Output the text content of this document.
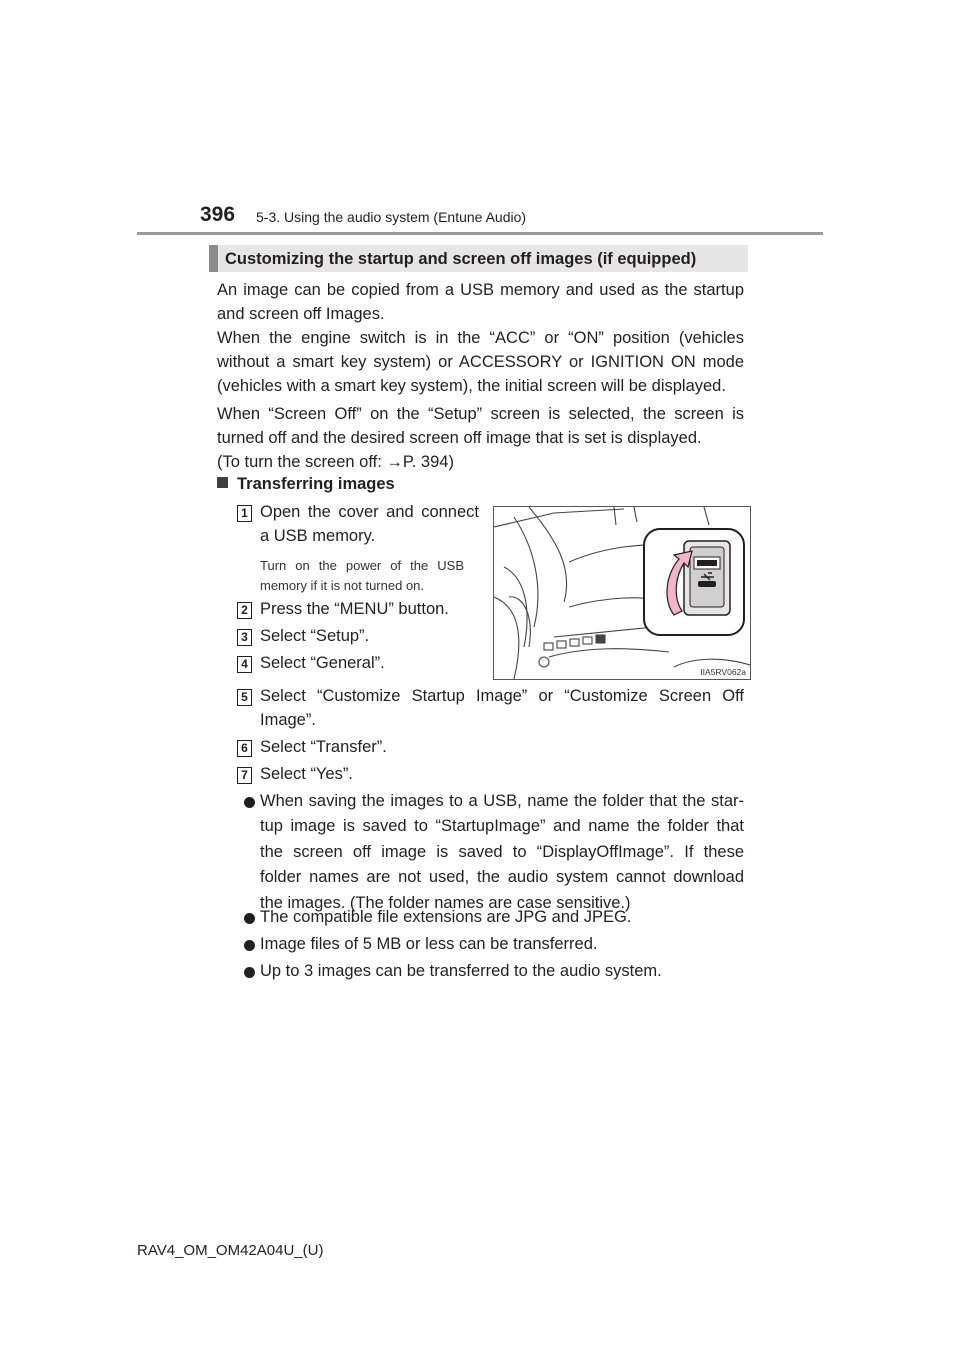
396 5-3. Using the audio system (Entune Audio)
Customizing the startup and screen off images (if equipped)
An image can be copied from a USB memory and used as the startup
and screen off Images.
When the engine switch is in the “ACC” or “ON” position (vehicles
without a smart key system) or ACCESSORY or IGNITION ON mode
(vehicles with a smart key system), the initial screen will be displayed.
When “Screen Off” on the “Setup” screen is selected, the screen is
turned off and the desired screen off image that is set is displayed.
(To turn the screen off: →P. 394)
Transferring images
1 Open the cover and connect
a USB memory.
Turn on the power of the USB
memory if it is not turned on.
2 Press the “MENU” button.
3 Select “Setup”.
4 Select “General”.	IIA5RV062a
5 Select “Customize Startup Image” or “Customize Screen Off
Image”.
6 Select “Transfer”.
7 Select “Yes”.
When saving the images to a USB, name the folder that the star-
tup image is saved to “StartupImage” and name the folder that
the screen off image is saved to “DisplayOffImage”. If these
folder names are not used, the audio system cannot download
the images. (The folder names are case sensitive.)
The compatible file extensions are JPG and JPEG.
Image files of 5 MB or less can be transferred.
Up to 3 images can be transferred to the audio system.
RAV4_OM_OM42A04U_(U)
